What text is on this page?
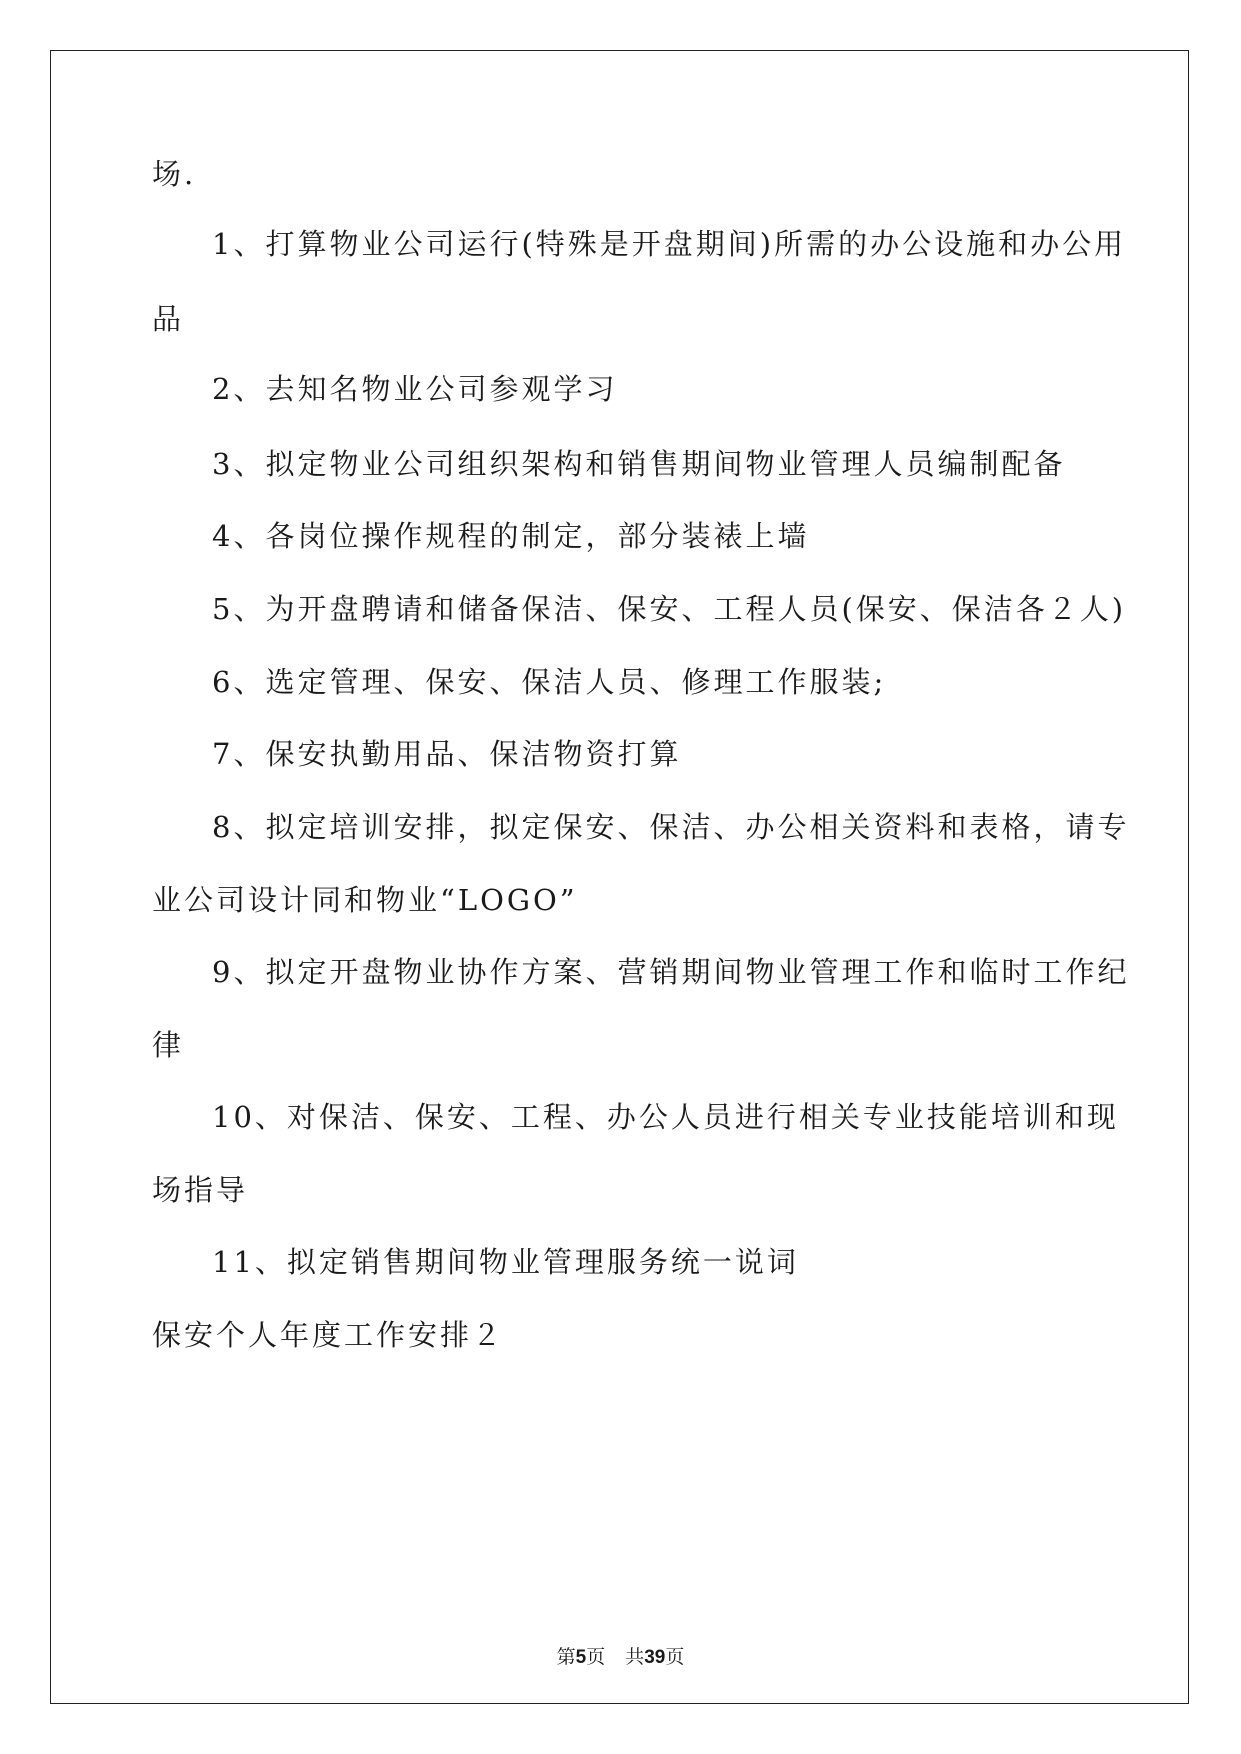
场.
1、打算物业公司运行(特殊是开盘期间)所需的办公设施和办公用
品
2、去知名物业公司参观学习
3、拟定物业公司组织架构和销售期间物业管理人员编制配备
4、各岗位操作规程的制定，部分装裱上墙
5、为开盘聘请和储备保洁、保安、工程人员(保安、保洁各２人)
6、选定管理、保安、保洁人员、修理工作服装;
7、保安执勤用品、保洁物资打算
8、拟定培训安排，拟定保安、保洁、办公相关资料和表格，请专
业公司设计同和物业“LOGO”
9、拟定开盘物业协作方案、营销期间物业管理工作和临时工作纪
律
10、对保洁、保安、工程、办公人员进行相关专业技能培训和现
场指导
11、拟定销售期间物业管理服务统一说词
保安个人年度工作安排２
第5页 共39页
